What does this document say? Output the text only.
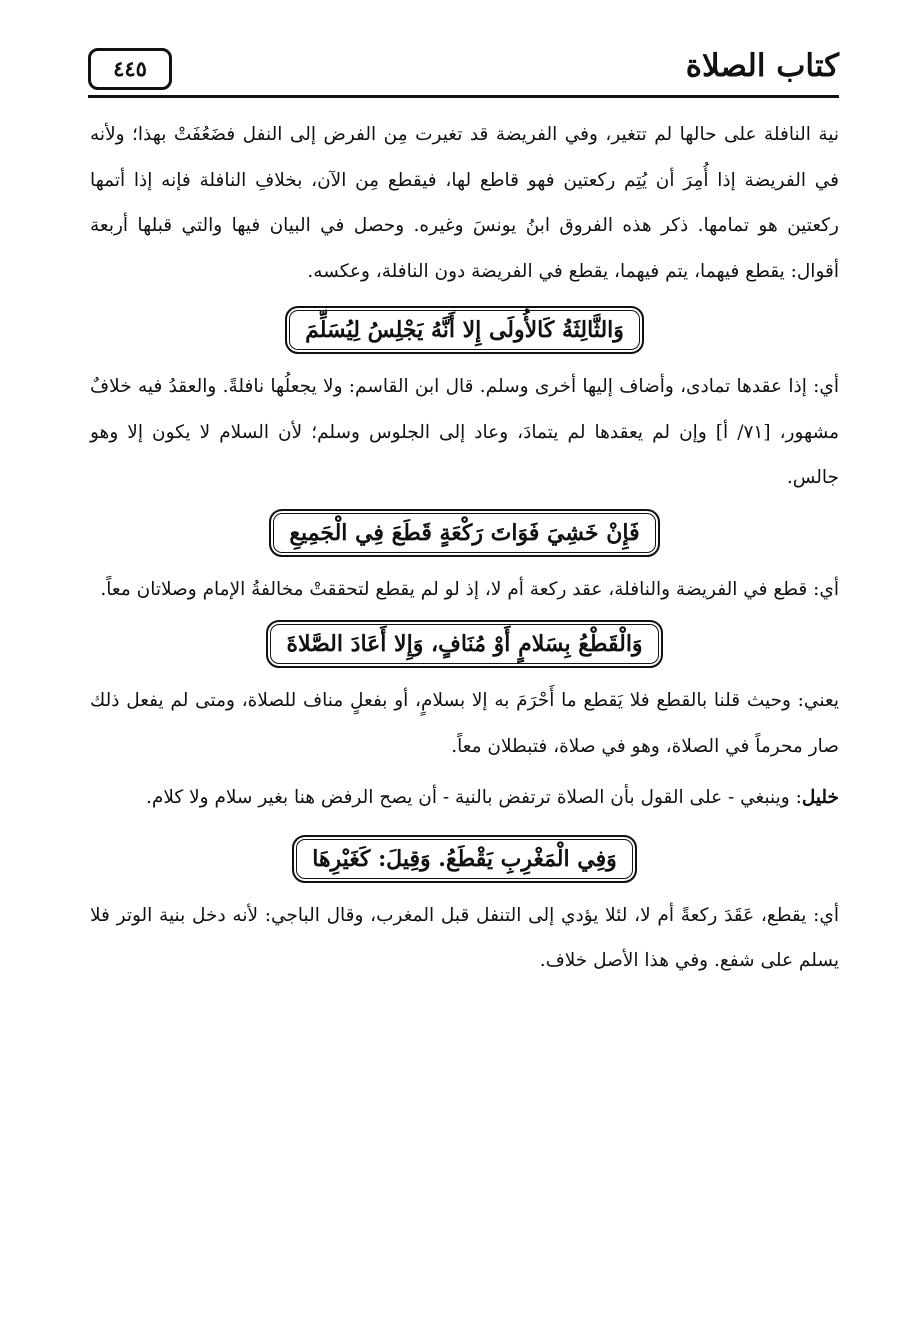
كتاب الصلاة
٤٤٥

نية النافلة على حالها لم تتغير، وفي الفريضة قد تغيرت مِن الفرض إلى النفل فضَعُفَتْ بهذا؛ ولأنه في الفريضة إذا أُمِرَ أن يُتِم ركعتين فهو قاطع لها، فيقطع مِن الآن، بخلافِ النافلة فإنه إذا أتمها ركعتين هو تمامها. ذكر هذه الفروق ابنُ يونسَ وغيره. وحصل في البيان فيها والتي قبلها أربعة أقوال: يقطع فيهما، يتم فيهما، يقطع في الفريضة دون النافلة، وعكسه.

وَالثَّالِثَةُ كَالأُولَى إِلا أَنَّهُ يَجْلِسُ لِيُسَلِّمَ

أي: إذا عقدها تمادى، وأضاف إليها أخرى وسلم. قال ابن القاسم: ولا يجعلُها نافلةً. والعقدُ فيه خلافٌ مشهور، [٧١/ أ] وإن لم يعقدها لم يتمادَ، وعاد إلى الجلوس وسلم؛ لأن السلام لا يكون إلا وهو جالس.

فَإِنْ خَشِيَ فَوَاتَ رَكْعَةٍ قَطَعَ فِي الْجَمِيعِ

أي: قطع في الفريضة والنافلة، عقد ركعة أم لا، إذ لو لم يقطع لتحققتْ مخالفةُ الإمام وصلاتان معاً.

وَالْقَطْعُ بِسَلامٍ أَوْ مُنَافٍ، وَإِلا أَعَادَ الصَّلاةَ

يعني: وحيث قلنا بالقطع فلا يَقطع ما أَحْرَمَ به إلا بسلامٍ، أو بفعلٍ مناف للصلاة، ومتى لم يفعل ذلك صار محرماً في الصلاة، وهو في صلاة، فتبطلان معاً.

خليل: وينبغي - على القول بأن الصلاة ترتفض بالنية - أن يصح الرفض هنا بغير سلام ولا كلام.

وَفِي الْمَغْرِبِ يَقْطَعُ. وَقِيلَ: كَغَيْرِهَا

أي: يقطع، عَقَدَ ركعةً أم لا، لئلا يؤدي إلى التنفل قبل المغرب، وقال الباجي: لأنه دخل بنية الوتر فلا يسلم على شفع. وفي هذا الأصل خلاف.
